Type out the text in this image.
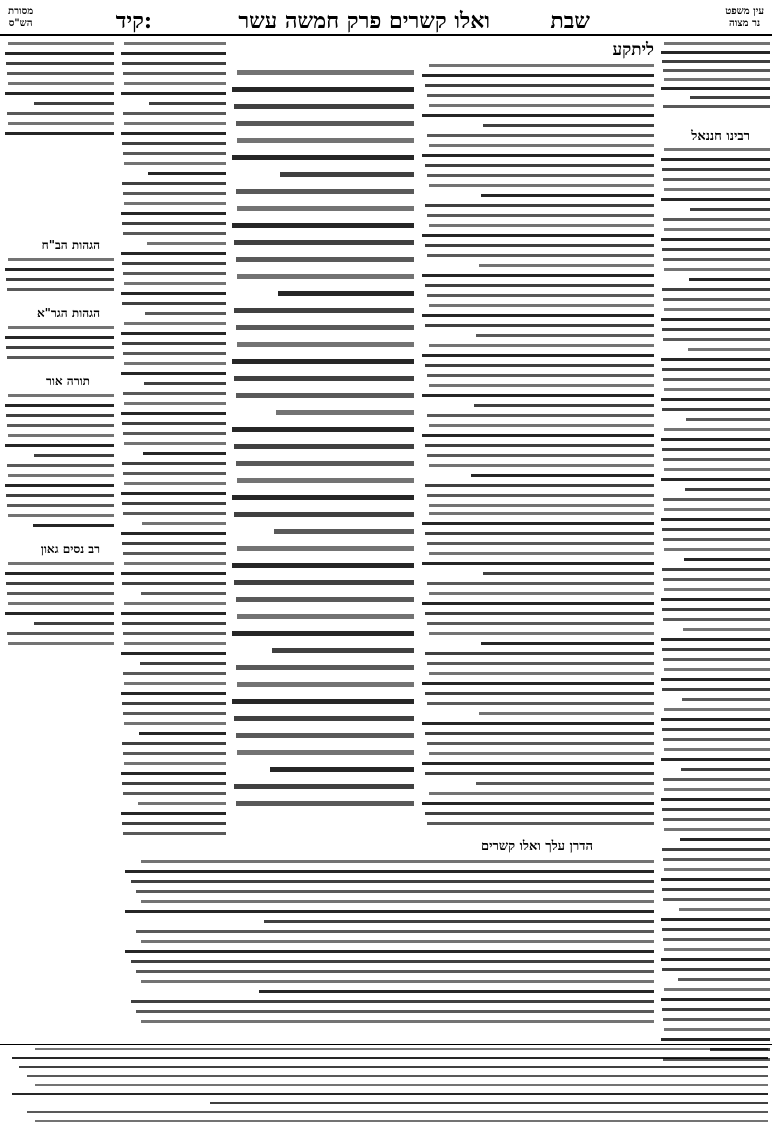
עין משפט
נר מצוה
קיד:	ואלו קשרים פרק חמשה עשר	שבת
מסורת
הש"ס
רבינו חננאל
ליתקע
הגהות הב"ח
הגהות הגר"א
תורה אור
רב נסים גאון
הדרן עלך ואלו קשרים
